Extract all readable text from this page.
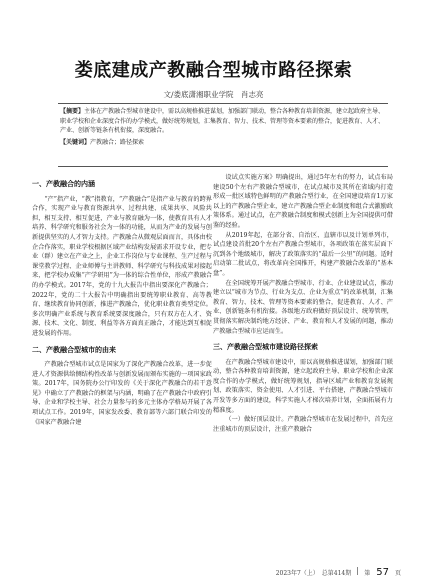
娄底建成产教融合型城市路径探索
文/娄底潇湘职业学院　肖志亮
【摘要】主体在产教融合型城市建设中，需以高规格推进谋划，加强部门联动，整合各种教育培训资源，建立起政府主导、职业学校和企业深度合作的办学模式，做好统筹规划，汇集教育、智力、技术、管理等资本要素的整合，促进教育、人才、产业、创新等链条有机衔接，深度融合。
【关键词】产教融合；路径探索
一、产教融合的内涵

“产”指产业，“教”指教育，“产教融合”是指产业与教育的跨界合作，实现产业与教育资源共享、过程共建、成果共享、风险共担，相互支持、相互促进，产业与教育融为一体，使教育具有人才培养、科学研究和服务社会为一体的功能，从而为产业的发展与创新提供坚实的人才智力支持。产教融合从微观层面而言，具体由校企合作落实，职业学校根据区域产业结构发展需求开设专业，把专业（群）建立在产业之上，企业工作岗位与专业课程、生产过程与课堂教学过程、企业师傅与主讲教师、科学研究与科技成果对接起来，把学校办成集“产学研用”为一体的综合性单位，形成产教融合的办学模式。2017年，党的十九大报告中指出要深化产教融合；2022年，党的二十大报告中明确指出要统筹职业教育、高等教育、继续教育协同创新，推进产教融合，优化职业教育类型定位。多次明确产业系统与教育系统要深度融合，只有双方在人才、资源、技术、文化、制度、利益等各方面真正融合，才能达到互相促进发展的作用。

二、产教融合型城市的由来

产教融合型城市试点是国家为了深化产教融合改革，进一步促进人才资源供给侧结构性改革与创新发展而颁布实施的一项国家政策。2017年，国务院办公厅印发的《关于深化产教融合的若干意见》中确立了产教融合的框架与内涵，明确了在产教融合中政府引导、企业和学校主导、社会力量参与的多元主体办学格局开展了各项试点工作。2019年，国家发改委、教育部等六部门联合印发的《国家产教融合建

设试点实施方案》明确提出，通过5年左右的努力，试点布局建设50个左右产教融合型城市，在试点城市及其所在省域内打造形成一批区域特色鲜明的产教融合型行业，在全国建设培育1万家以上的产教融合型企业，建立产教融合型企业制度和组合式激励政策体系。通过试点，在产教融合制度和模式创新上为全国提供可借鉴的经验。

从2019年起，在部分省、自治区、直辖市以及计划单列市，试点建设首批20个左右产教融合型城市，各项政策在落实层面下沉到各个地级城市，解决了政策落实的“最后一公里”的问题。适时启动第二批试点，将改革向全国推开，构建产教融合改革的“基本盘”。

在全国统筹开展产教融合型城市、行业、企业建设试点，推动建立以“城市为节点、行业为支点、企业为重点”的改革机制，汇集教育、智力、技术、管理等资本要素的整合，促进教育、人才、产业、创新链条有机衔接。各级地方政府做好顶层设计、统筹管理，贯彻落实解决制约地方经济、产业、教育和人才发展的问题，推动产教融合型城市应运而生。

三、产教融合型城市建设路径探索

在产教融合型城市建设中，需以高规格推进谋划，加强部门联动，整合各种教育培训资源，建立起政府主导、职业学校和企业深度合作的办学模式，做好统筹规划，指导区域产业和教育发展规划、政策落实、资金使用、人才引进、平台搭建，产教融合型城市开发等多方面的建设，科学实施人才梯次培养计划，全面拓展有力精准度。

（一）做好顶层设计。产教融合型城市在发展过程中，首先应注重城市的顶层设计，注重产教融合

2023年7（上）　总第414期 第 57 页
